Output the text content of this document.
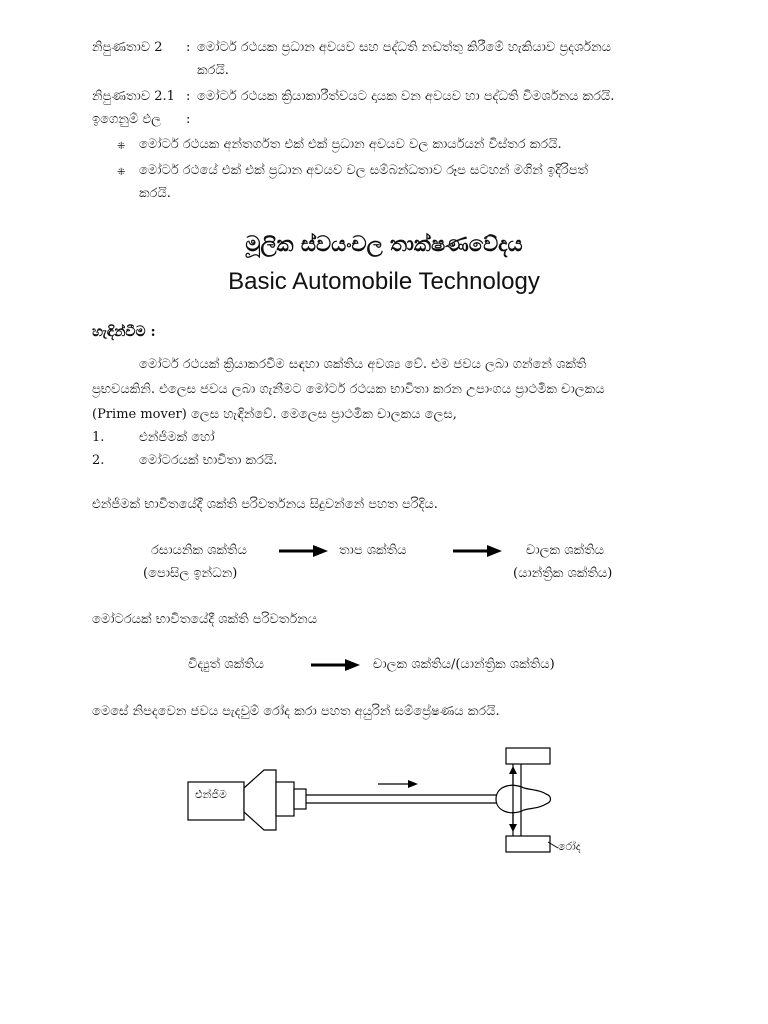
නිපුණතාව 2 : මෝටර් රථයක ප්‍රධාන අවයව සහ පද්ධති නඩත්තු කිරීමේ හැකියාව ප්‍රදර්ශනය
කරයි.
නිපුණතාව 2.1 : මෝටර් රථයක ක්‍රියාකාරීත්වයට දායක වන අවයව හා පද්ධති විමර්ශනය කරයි.
ඉගෙනුම් ඵල :
⁜ මෝටර් රථයක අන්තර්ගත එක් එක් ප්‍රධාන අවයව වල කාර්යයන් විස්තර කරයි.
⁜ මෝටර් රථයේ එක් එක් ප්‍රධාන අවයව වල සම්බන්ධතාව රූප සටහන් මගින් ඉදිරිපත්
කරයි.
මූලික ස්වයංචල තාක්ෂණවේදය
Basic Automobile Technology
හැඳින්වීම :
මෝටර් රථයක් ක්‍රියාකරවීම සඳහා ශක්තිය අවශ්‍ය වේ. එම ජවය ලබා ගන්නේ ශක්ති
ප්‍රභවයකිනි. එලෙස ජවය ලබා ගැනීමට මෝටර් රථයක භාවිතා කරන උපාංගය ප්‍රාථමික චාලකය
(Prime mover) ලෙස හැඳින්වේ. මෙලෙස ප්‍රාථමික චාලකය ලෙස,
1.	එන්ජිමක් හෝ
2.	මෝටරයක් භාවිතා කරයි.
එන්ජිමක් භාවිතයේදී ශක්ති පරිවර්තනය සිදුවන්නේ පහත පරිදිය.
රසායනික ශක්තිය
(පොසිල ඉන්ධන)
තාප ශක්තිය	චාලක ශක්තිය
(යාන්ත්‍රික ශක්තිය)
මෝටරයක් භාවිතයේදී ශක්ති පරිවර්තනය
විද්‍යුත් ශක්තිය	චාලක ශක්තිය/(යාන්ත්‍රික ශක්තිය)
මෙසේ නිපදවෙන ජවය පැදවුම් රෝද කරා පහත අයුරින් සම්ප්‍රේෂණය කරයි.
එන්ජිම
රෝද
